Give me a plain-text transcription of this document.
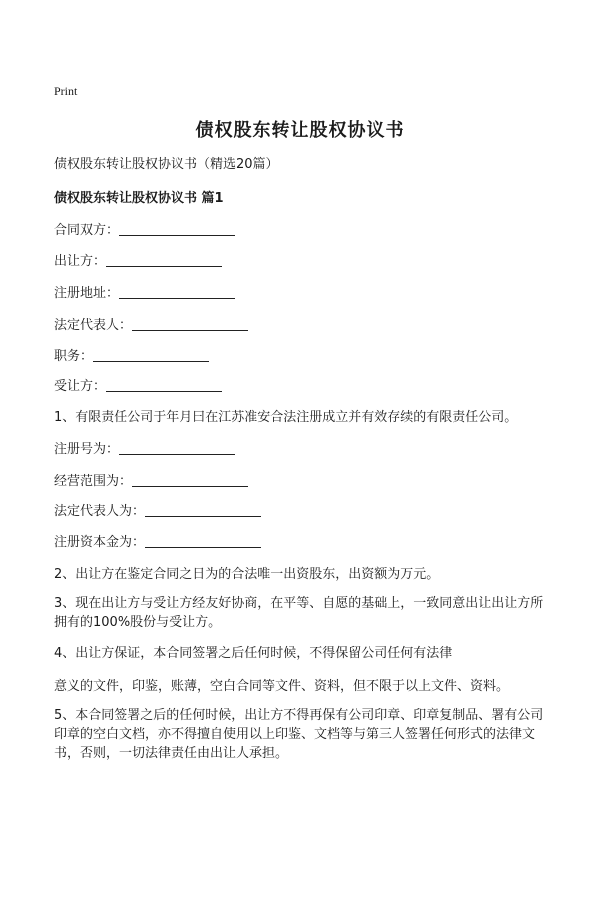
Print
债权股东转让股权协议书
债权股东转让股权协议书（精选20篇）
债权股东转让股权协议书 篇1
合同双方：
出让方：
注册地址：
法定代表人：
职务：
受让方：
1、有限责任公司于年月曰在江苏准安合法注册成立并有效存续的有限责任公司。
注册号为：
经营范围为：
法定代表人为：
注册资本金为：
2、出让方在鉴定合同之日为的合法唯一出资股东，出资额为万元。
3、现在出让方与受让方经友好协商，在平等、自愿的基础上，一致同意出让出让方所拥有的100%股份与受让方。
4、出让方保证，本合同签署之后任何时候，不得保留公司任何有法律
意义的文件，印鉴，账薄，空白合同等文件、资料，但不限于以上文件、资料。
5、本合同签署之后的任何时候，出让方不得再保有公司印章、印章复制品、署有公司印章的空白文档，亦不得擅自使用以上印鉴、文档等与第三人签署任何形式的法律文书，否则，一切法律责任由出让人承担。
